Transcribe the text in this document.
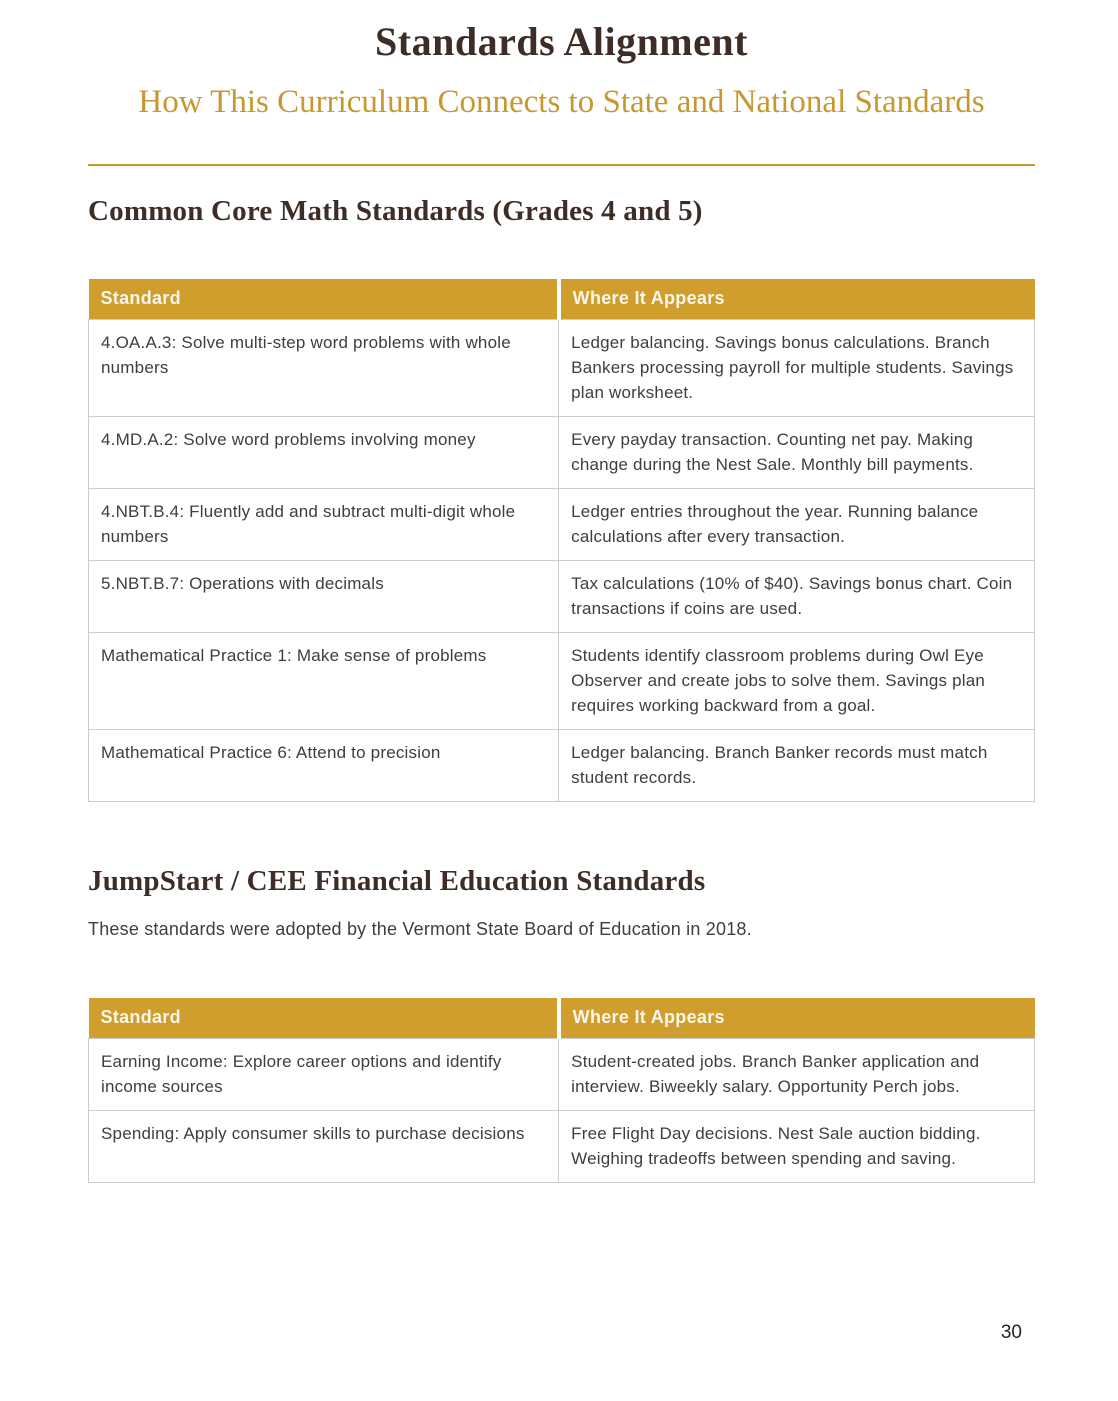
Standards Alignment
How This Curriculum Connects to State and National Standards
Common Core Math Standards (Grades 4 and 5)
Standard	Where It Appears
4.OA.A.3: Solve multi-step word problems with whole numbers	Ledger balancing. Savings bonus calculations. Branch Bankers processing payroll for multiple students. Savings plan worksheet.
4.MD.A.2: Solve word problems involving money	Every payday transaction. Counting net pay. Making change during the Nest Sale. Monthly bill payments.
4.NBT.B.4: Fluently add and subtract multi-digit whole numbers	Ledger entries throughout the year. Running balance calculations after every transaction.
5.NBT.B.7: Operations with decimals	Tax calculations (10% of $40). Savings bonus chart. Coin transactions if coins are used.
Mathematical Practice 1: Make sense of problems	Students identify classroom problems during Owl Eye Observer and create jobs to solve them. Savings plan requires working backward from a goal.
Mathematical Practice 6: Attend to precision	Ledger balancing. Branch Banker records must match student records.
JumpStart / CEE Financial Education Standards

These standards were adopted by the Vermont State Board of Education in 2018.

Standard	Where It Appears
Earning Income: Explore career options and identify income sources	Student-created jobs. Branch Banker application and interview. Biweekly salary. Opportunity Perch jobs.
Spending: Apply consumer skills to purchase decisions	Free Flight Day decisions. Nest Sale auction bidding. Weighing tradeoffs between spending and saving.
30
